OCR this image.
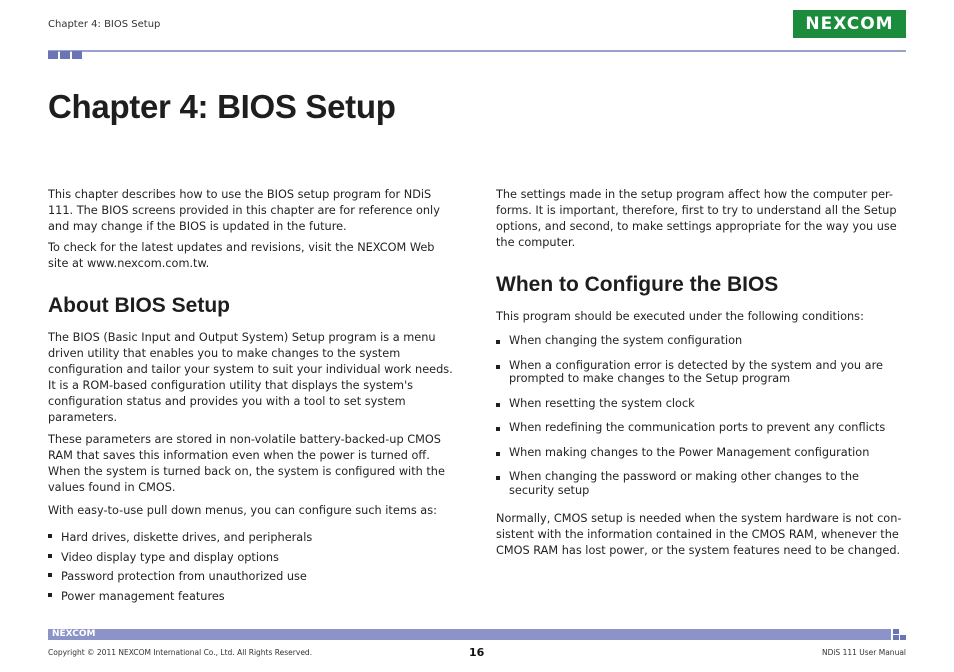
Chapter 4: BIOS Setup	NEXCOM
Chapter 4: BIOS Setup

This chapter describes how to use the BIOS setup program for NDiS 111. The BIOS screens provided in this chapter are for reference only and may change if the BIOS is updated in the future.

To check for the latest updates and revisions, visit the NEXCOM Web site at www.nexcom.com.tw.

About BIOS Setup

The BIOS (Basic Input and Output System) Setup program is a menu driven utility that enables you to make changes to the system configuration and tailor your system to suit your individual work needs. It is a ROM-based configuration utility that displays the system's configuration status and provides you with a tool to set system parameters.

These parameters are stored in non-volatile battery-backed-up CMOS RAM that saves this information even when the power is turned off. When the system is turned back on, the system is configured with the values found in CMOS.

With easy-to-use pull down menus, you can configure such items as:

Hard drives, diskette drives, and peripherals
Video display type and display options
Password protection from unauthorized use
Power management features

The settings made in the setup program affect how the computer per-forms. It is important, therefore, first to try to understand all the Setup options, and second, to make settings appropriate for the way you use the computer.

When to Configure the BIOS

This program should be executed under the following conditions:

When changing the system configuration
When a configuration error is detected by the system and you are prompted to make changes to the Setup program
When resetting the system clock
When redefining the communication ports to prevent any conflicts
When making changes to the Power Management configuration
When changing the password or making other changes to the security setup

Normally, CMOS setup is needed when the system hardware is not con-sistent with the information contained in the CMOS RAM, whenever the CMOS RAM has lost power, or the system features need to be changed.

NEXCOM
Copyright © 2011 NEXCOM International Co., Ltd. All Rights Reserved.	16	NDiS 111 User Manual
